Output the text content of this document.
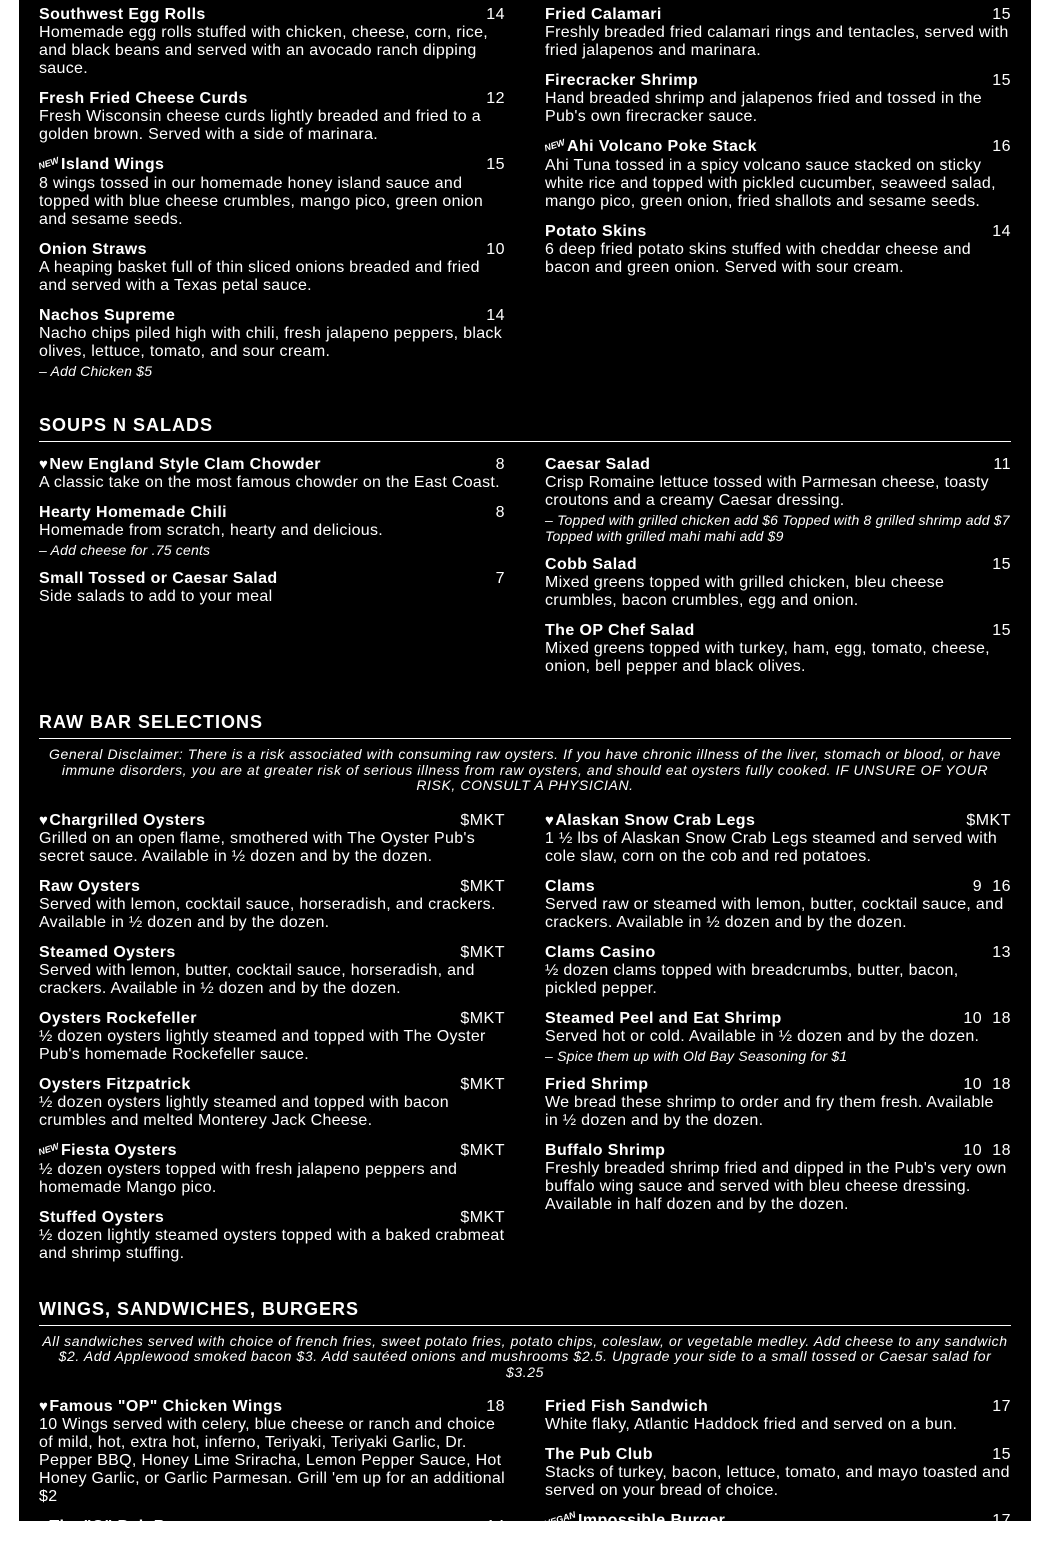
Southwest Egg Rolls	14
Homemade egg rolls stuffed with chicken, cheese, corn, rice, and black beans and served with an avocado ranch dipping sauce.
Fresh Fried Cheese Curds	12
Fresh Wisconsin cheese curds lightly breaded and fried to a golden brown. Served with a side of marinara.
NEWIsland Wings	15
8 wings tossed in our homemade honey island sauce and topped with blue cheese crumbles, mango pico, green onion and sesame seeds.
Onion Straws	10
A heaping basket full of thin sliced onions breaded and fried and served with a Texas petal sauce.
Nachos Supreme	14
Nacho chips piled high with chili, fresh jalapeno peppers, black olives, lettuce, tomato, and sour cream.
– Add Chicken $5
Fried Calamari	15
Freshly breaded fried calamari rings and tentacles, served with fried jalapenos and marinara.
Firecracker Shrimp	15
Hand breaded shrimp and jalapenos fried and tossed in the Pub's own firecracker sauce.
NEWAhi Volcano Poke Stack	16
Ahi Tuna tossed in a spicy volcano sauce stacked on sticky white rice and topped with pickled cucumber, seaweed salad, mango pico, green onion, fried shallots and sesame seeds.
Potato Skins	14
6 deep fried potato skins stuffed with cheddar cheese and bacon and green onion. Served with sour cream.
SOUPS N SALADS
♥New England Style Clam Chowder	8
A classic take on the most famous chowder on the East Coast.
Hearty Homemade Chili	8
Homemade from scratch, hearty and delicious.
– Add cheese for .75 cents
Small Tossed or Caesar Salad	7
Side salads to add to your meal
Caesar Salad	11
Crisp Romaine lettuce tossed with Parmesan cheese, toasty croutons and a creamy Caesar dressing.
– Topped with grilled chicken add $6 Topped with 8 grilled shrimp add $7 Topped with grilled mahi mahi add $9
Cobb Salad	15
Mixed greens topped with grilled chicken, bleu cheese crumbles, bacon crumbles, egg and onion.
The OP Chef Salad	15
Mixed greens topped with turkey, ham, egg, tomato, cheese, onion, bell pepper and black olives.
RAW BAR SELECTIONS
General Disclaimer: There is a risk associated with consuming raw oysters. If you have chronic illness of the liver, stomach or blood, or have immune disorders, you are at greater risk of serious illness from raw oysters, and should eat oysters fully cooked. IF UNSURE OF YOUR RISK, CONSULT A PHYSICIAN.
♥Chargrilled Oysters	$MKT
Grilled on an open flame, smothered with The Oyster Pub's secret sauce. Available in ½ dozen and by the dozen.
Raw Oysters	$MKT
Served with lemon, cocktail sauce, horseradish, and crackers. Available in ½ dozen and by the dozen.
Steamed Oysters	$MKT
Served with lemon, butter, cocktail sauce, horseradish, and crackers. Available in ½ dozen and by the dozen.
Oysters Rockefeller	$MKT
½ dozen oysters lightly steamed and topped with The Oyster Pub's homemade Rockefeller sauce.
Oysters Fitzpatrick	$MKT
½ dozen oysters lightly steamed and topped with bacon crumbles and melted Monterey Jack Cheese.
NEWFiesta Oysters	$MKT
½ dozen oysters topped with fresh jalapeno peppers and homemade Mango pico.
Stuffed Oysters	$MKT
½ dozen lightly steamed oysters topped with a baked crabmeat and shrimp stuffing.
♥Alaskan Snow Crab Legs	$MKT
1 ½ lbs of Alaskan Snow Crab Legs steamed and served with cole slaw, corn on the cob and red potatoes.
Clams	9 16
Served raw or steamed with lemon, butter, cocktail sauce, and crackers. Available in ½ dozen and by the dozen.
Clams Casino	13
½ dozen clams topped with breadcrumbs, butter, bacon, pickled pepper.
Steamed Peel and Eat Shrimp	10 18
Served hot or cold. Available in ½ dozen and by the dozen.
– Spice them up with Old Bay Seasoning for $1
Fried Shrimp	10 18
We bread these shrimp to order and fry them fresh. Available in ½ dozen and by the dozen.
Buffalo Shrimp	10 18
Freshly breaded shrimp fried and dipped in the Pub's very own buffalo wing sauce and served with bleu cheese dressing. Available in half dozen and by the dozen.
WINGS, SANDWICHES, BURGERS
All sandwiches served with choice of french fries, sweet potato fries, potato chips, coleslaw, or vegetable medley. Add cheese to any sandwich $2. Add Applewood smoked bacon $3. Add sautéed onions and mushrooms $2.5. Upgrade your side to a small tossed or Caesar salad for $3.25
♥Famous "OP" Chicken Wings	18
10 Wings served with celery, blue cheese or ranch and choice of mild, hot, extra hot, inferno, Teriyaki, Teriyaki Garlic, Dr. Pepper BBQ, Honey Lime Sriracha, Lemon Pepper Sauce, Hot Honey Garlic, or Garlic Parmesan. Grill 'em up for an additional $2
♥The "O" Pub Burger	14
Fried Fish Sandwich	17
White flaky, Atlantic Haddock fried and served on a bun.
The Pub Club	15
Stacks of turkey, bacon, lettuce, tomato, and mayo toasted and served on your bread of choice.
VEGANImpossible Burger	17
